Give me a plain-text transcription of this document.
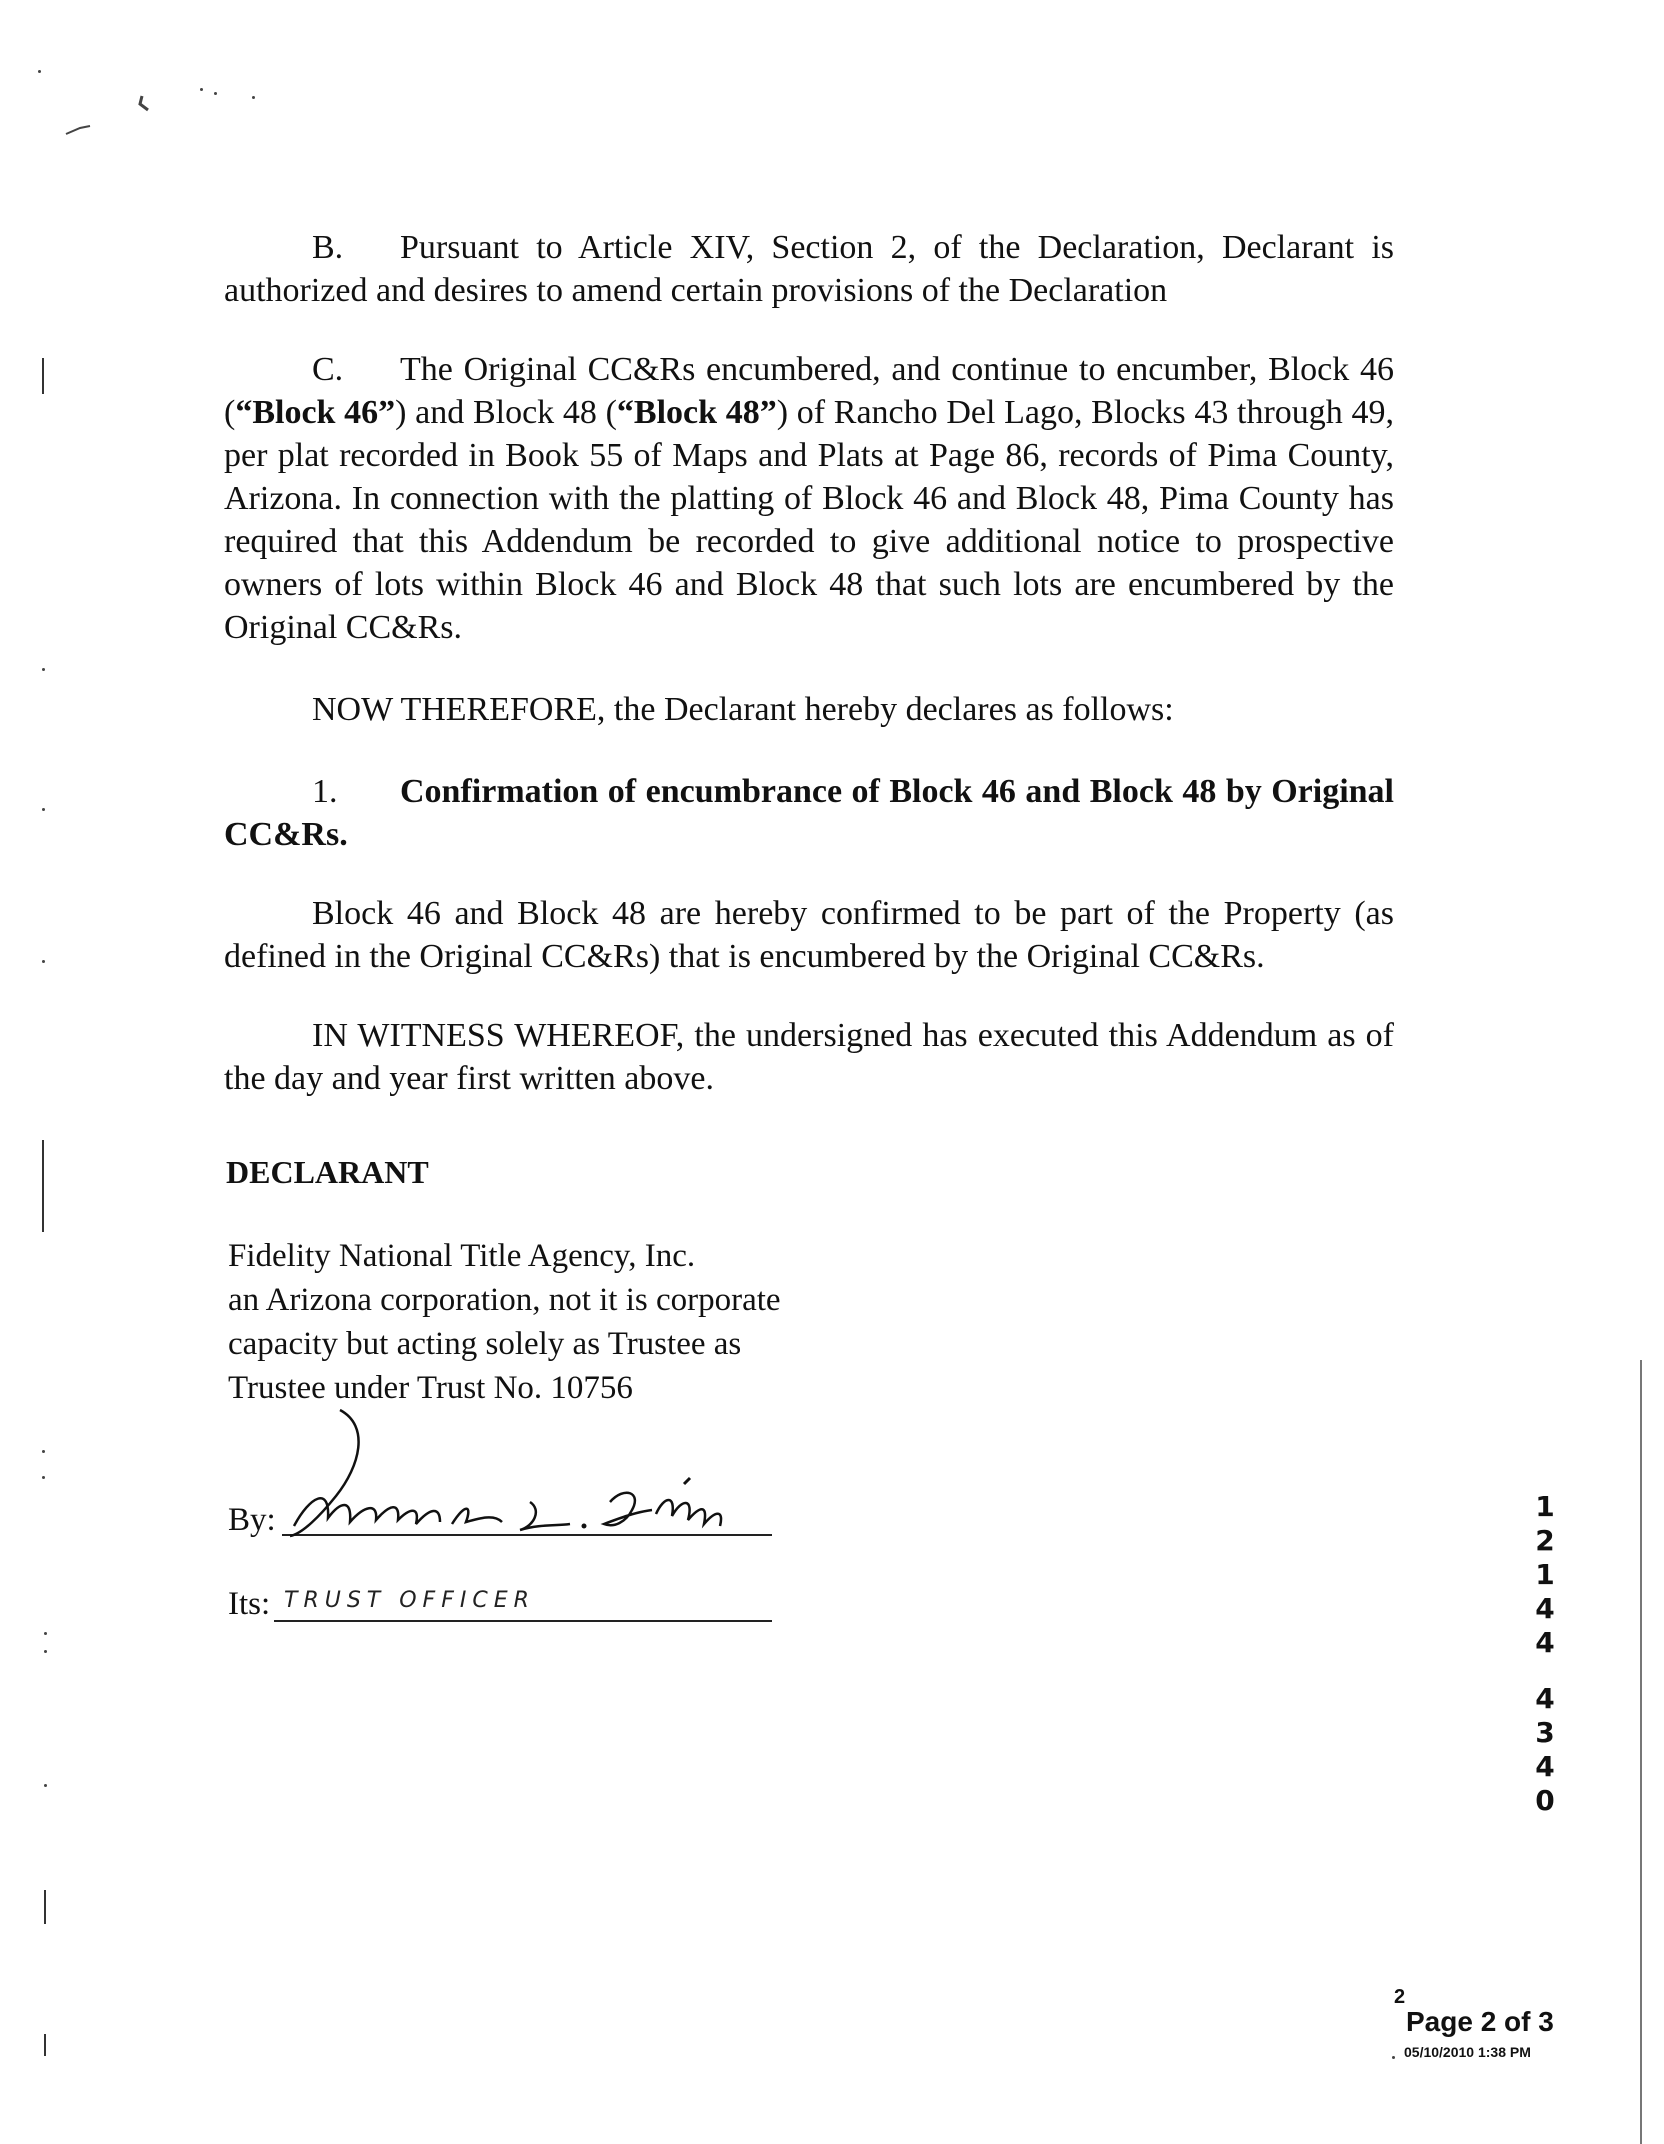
B. Pursuant to Article XIV, Section 2, of the Declaration, Declarant is authorized and desires to amend certain provisions of the Declaration
C. The Original CC&Rs encumbered, and continue to encumber, Block 46 (“Block 46”) and Block 48 (“Block 48”) of Rancho Del Lago, Blocks 43 through 49, per plat recorded in Book 55 of Maps and Plats at Page 86, records of Pima County, Arizona. In connection with the platting of Block 46 and Block 48, Pima County has required that this Addendum be recorded to give additional notice to prospective owners of lots within Block 46 and Block 48 that such lots are encumbered by the Original CC&Rs.
NOW THEREFORE, the Declarant hereby declares as follows:
1. Confirmation of encumbrance of Block 46 and Block 48 by Original CC&Rs.
Block 46 and Block 48 are hereby confirmed to be part of the Property (as defined in the Original CC&Rs) that is encumbered by the Original CC&Rs.
IN WITNESS WHEREOF, the undersigned has executed this Addendum as of the day and year first written above.
DECLARANT
Fidelity National Title Agency, Inc.
an Arizona corporation, not it is corporate
capacity but acting solely as Trustee as
Trustee under Trust No. 10756
By:
Its: TRUST OFFICER
1
2
1
4
4
4
3
4
0
2
Page 2 of 3
05/10/2010 1:38 PM
